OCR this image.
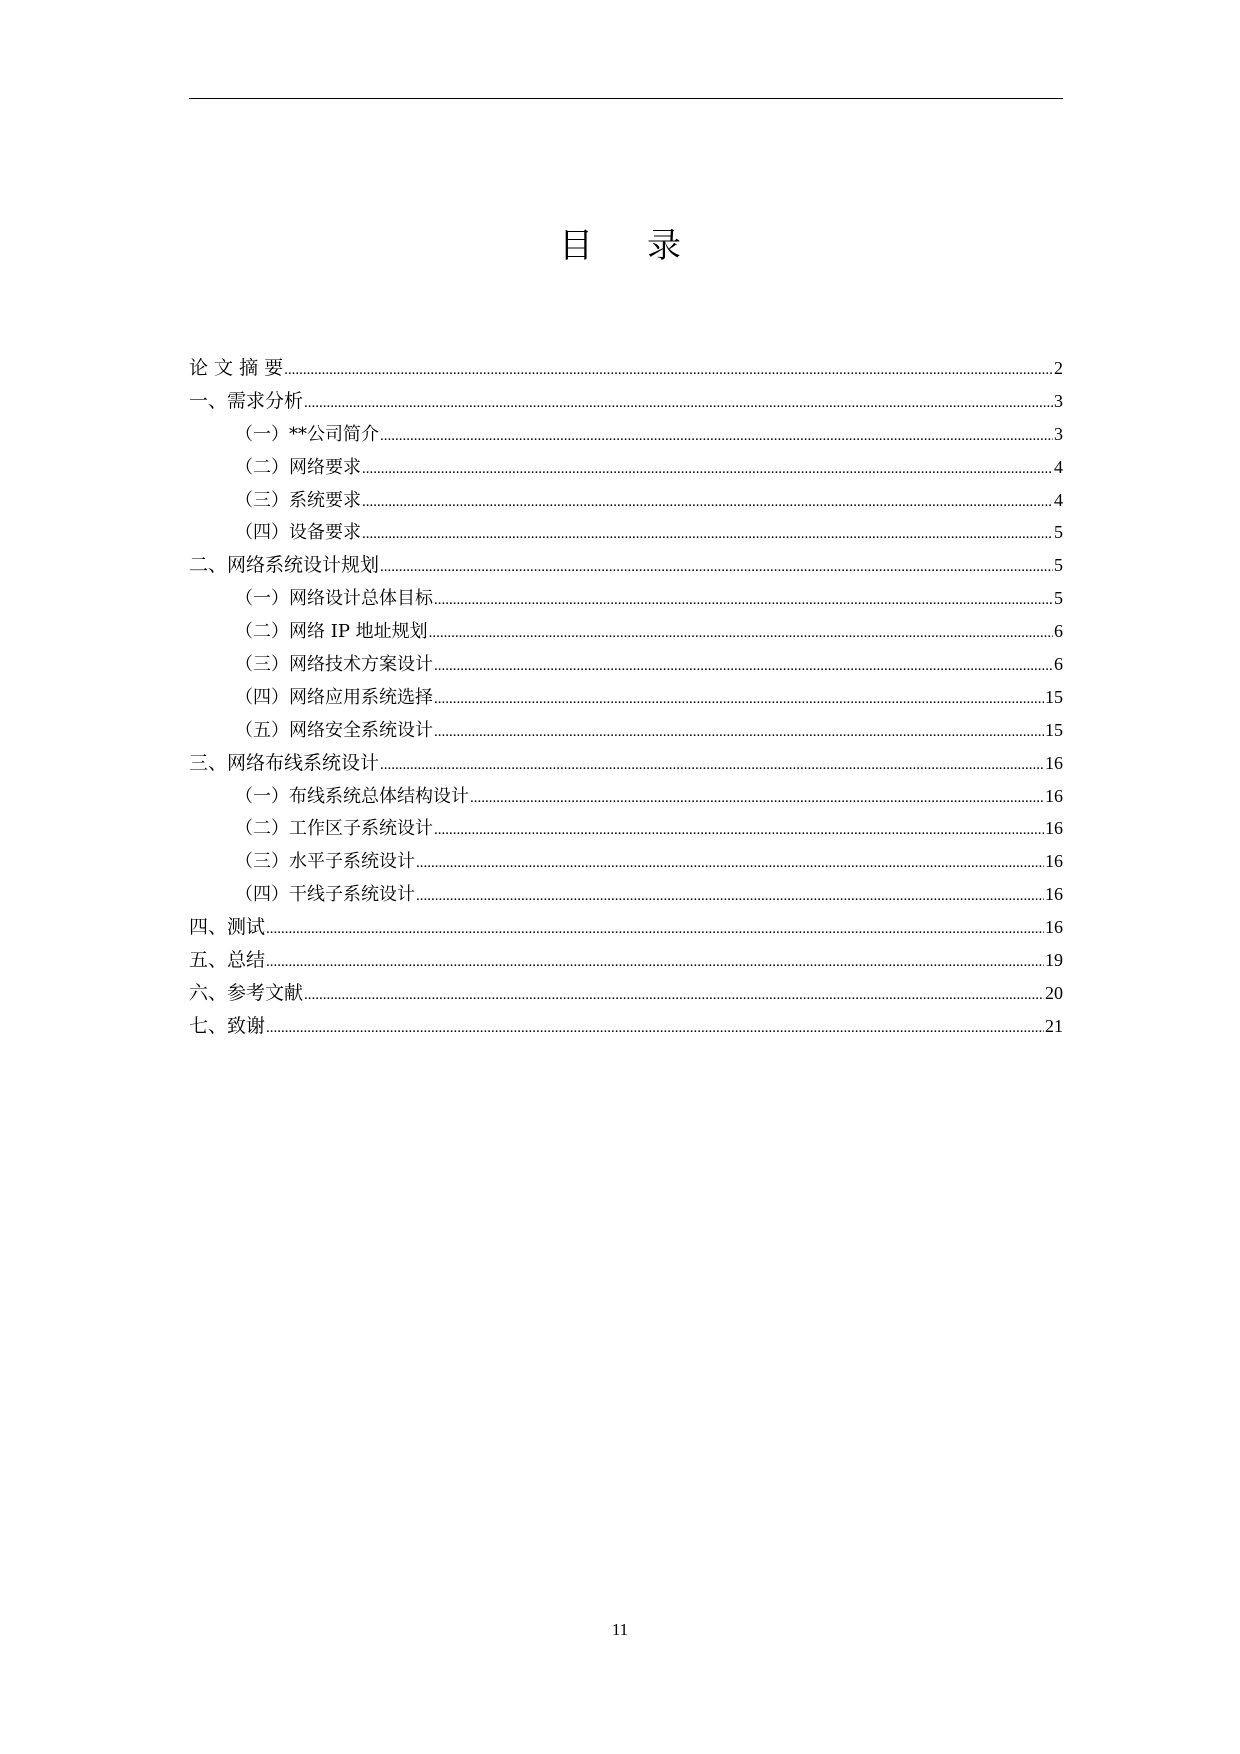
目录
论 文 摘 要 .....	2
一、需求分析 .....	3
（一）**公司简介 .....	3
（二）网络要求 .....	4
（三）系统要求 .....	4
（四）设备要求 .....	5
二、网络系统设计规划 .....	5
（一）网络设计总体目标 .....	5
（二）网络 IP 地址规划 .....	6
（三）网络技术方案设计 .....	6
（四）网络应用系统选择 .....	15
（五）网络安全系统设计 .....	15
三、网络布线系统设计 .....	16
（一）布线系统总体结构设计 .....	16
（二）工作区子系统设计 .....	16
（三）水平子系统设计 .....	16
（四）干线子系统设计 .....	16
四、测试 .....	16
五、总结 .....	19
六、参考文献 .....	20
七、致谢 .....	21
11
